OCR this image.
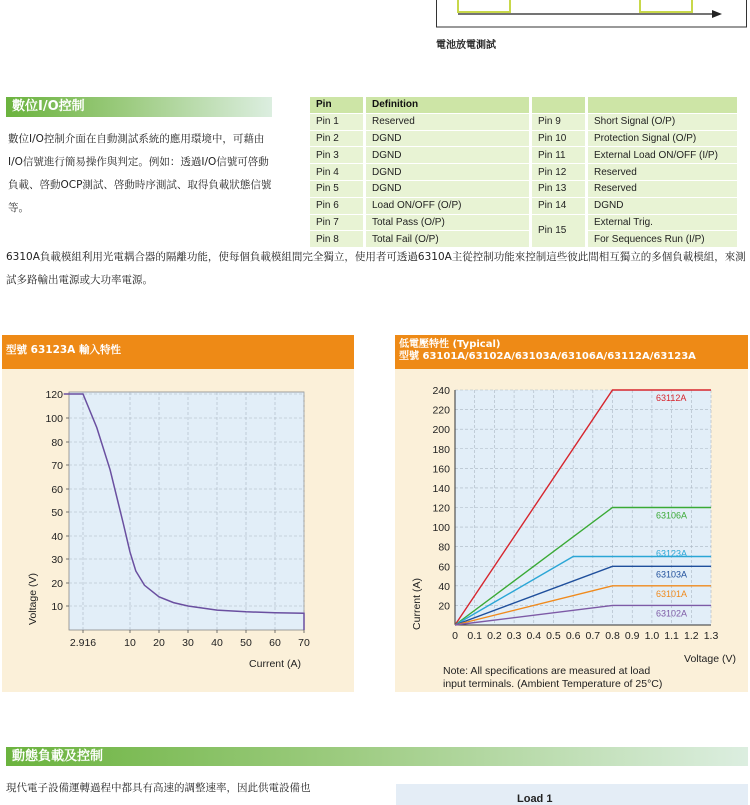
電池放電測試
數位I/O控制
數位I/O控制介面在自動測試系統的應用環境中，可藉由I/O信號進行簡易操作與判定。例如：透過I/O信號可啓動負載、啓動OCP測試、啓動時序測試、取得負載狀態信號等。
Pin	Definition		
Pin 1	Reserved	Pin 9	Short Signal (O/P)
Pin 2	DGND	Pin 10	Protection Signal (O/P)
Pin 3	DGND	Pin 11	External Load ON/OFF (I/P)
Pin 4	DGND	Pin 12	Reserved
Pin 5	DGND	Pin 13	Reserved
Pin 6	Load ON/OFF (O/P)	Pin 14	DGND
Pin 7	Total Pass (O/P)	Pin 15	External Trig.
Pin 8	Total Fail (O/P)		For Sequences Run (I/P)
6310A負載模組利用光電耦合器的隔離功能，使每個負載模組間完全獨立，使用者可透過6310A主從控制功能來控制這些彼此間相互獨立的多個負載模組，來測試多路輸出電源或大功率電源。
型號 63123A 輸入特性
10
20
30
40
50
60
70
80
100
120
2.916	10 20 30 40 50 60 70
Current (A)
Voltage (V)
低電壓特性 (Typical)
型號 63101A/63102A/63103A/63106A/63112A/63123A
20
40
60
80
100
120
140
160
180
200
220
240
0 0.1 0.2 0.3 0.4 0.5 0.6 0.7 0.8 0.9 1.0 1.1 1.2 1.3
63112A
63106A
63123A
63103A
63101A
63102A
Voltage (V)
Current (A)
Note: All specifications are measured at load
input terminals. (Ambient Temperature of 25°C)
動態負載及控制
現代電子設備運轉過程中都具有高速的調整速率，因此供電設備也
Load 1
